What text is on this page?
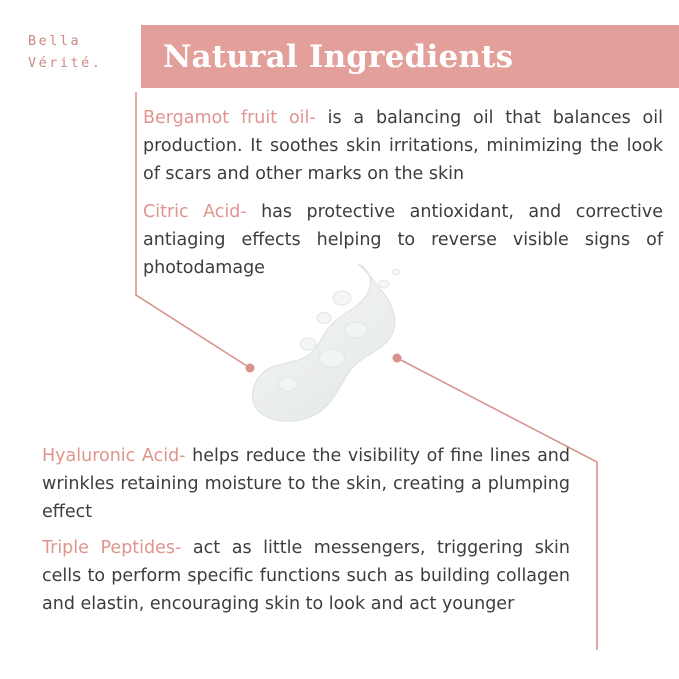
Bella
Vérité.	Natural Ingredients

Bergamot fruit oil- is a balancing oil that balances oil production. It soothes skin irritations, minimizing the look of scars and other marks on the skin

Citric Acid- has protective antioxidant, and corrective antiaging effects helping to reverse visible signs of photodamage

Hyaluronic Acid- helps reduce the visibility of fine lines and wrinkles retaining moisture to the skin, creating a plumping effect

Triple Peptides- act as little messengers, triggering skin cells to perform specific functions such as building collagen and elastin, encouraging skin to look and act younger
